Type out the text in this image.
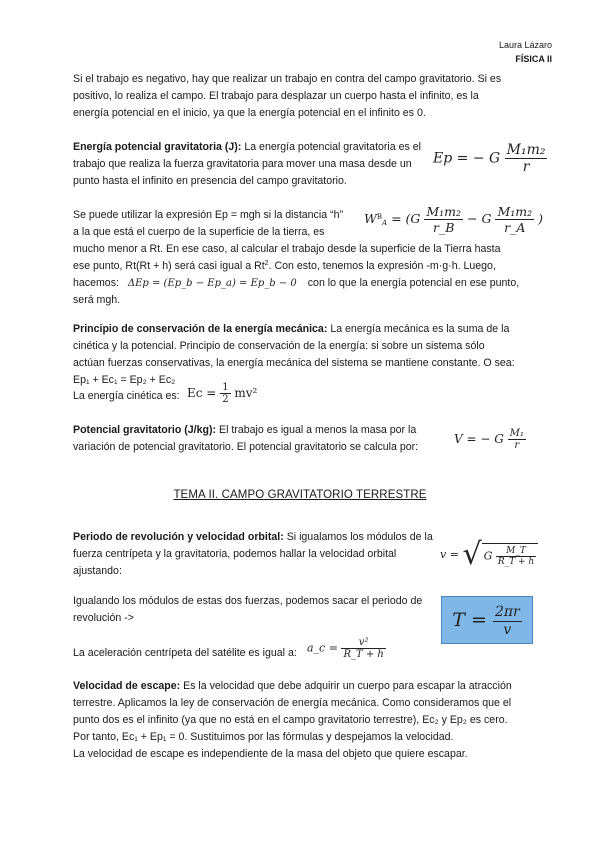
Laura Lázaro
FÍSICA II
Si el trabajo es negativo, hay que realizar un trabajo en contra del campo gravitatorio. Si es
positivo, lo realiza el campo. El trabajo para desplazar un cuerpo hasta el infinito, es la
energía potencial en el inicio, ya que la energía potencial en el infinito es 0.
Energía potencial gravitatoria (J): La energía potencial gravitatoria es el
trabajo que realiza la fuerza gravitatoria para mover una masa desde un
punto hasta el infinito en presencia del campo gravitatorio.
Ep = − G $\frac{\text{M₁m₂}}{r}$
Se puede utilizar la expresión Ep = mgh si la distancia “h”
a la que está el cuerpo de la superficie de la tierra, es
$W^B_A = (G \frac{\text{M₁m₂}}{r\_B} - G \frac{\text{M₁m₂}}{r\_A}$ )
mucho menor a Rt. En ese caso, al calcular el trabajo desde la superficie de la Tierra hasta
ese punto, Rt(Rt + h) será casi igual a Rt$^2$. Con esto, tenemos la expresión -m·g·h. Luego,
hacemos: ΔEp = (Ep_b − Ep_a) = Ep_b − 0 con lo que la energía potencial en ese punto,
será mgh.
Principio de conservación de la energía mecánica: La energía mecánica es la suma de la
cinética y la potencial. Principio de conservación de la energía: si sobre un sistema sólo
actúan fuerzas conservativas, la energía mecánica del sistema se mantiene constante. O sea:
Ep₁ + Ec₁ = Ep₂ + Ec₂
La energía cinética es: $Ec = \frac{1}{2} mv^2$
Potencial gravitatorio (J/kg): El trabajo es igual a menos la masa por la
variación de potencial gravitatorio. El potencial gravitatorio se calcula por:
V = − G $\frac{\text{M₁}}{r}$
TEMA II. CAMPO GRAVITATORIO TERRESTRE
Periodo de revolución y velocidad orbital: Si igualamos los módulos de la
fuerza centrípeta y la gravitatoria, podemos hallar la velocidad orbital
ajustando:
v = √ G $\frac{M\_T}{R\_T + h}$
Igualando los módulos de estas dos fuerzas, podemos sacar el periodo de
revolución ->	$T = \frac{2\pi r}{v}$
La aceleración centrípeta del satélite es igual a: a_c = $\frac{\text{v²}}{R\_T + h}$
Velocidad de escape: Es la velocidad que debe adquirir un cuerpo para escapar la atracción
terrestre. Aplicamos la ley de conservación de energía mecánica. Como consideramos que el
punto dos es el infinito (ya que no está en el campo gravitatorio terrestre), Ec₂ y Ep₂ es cero.
Por tanto, Ec₁ + Ep₁ = 0. Sustituimos por las fórmulas y despejamos la velocidad.
La velocidad de escape es independiente de la masa del objeto que quiere escapar.
